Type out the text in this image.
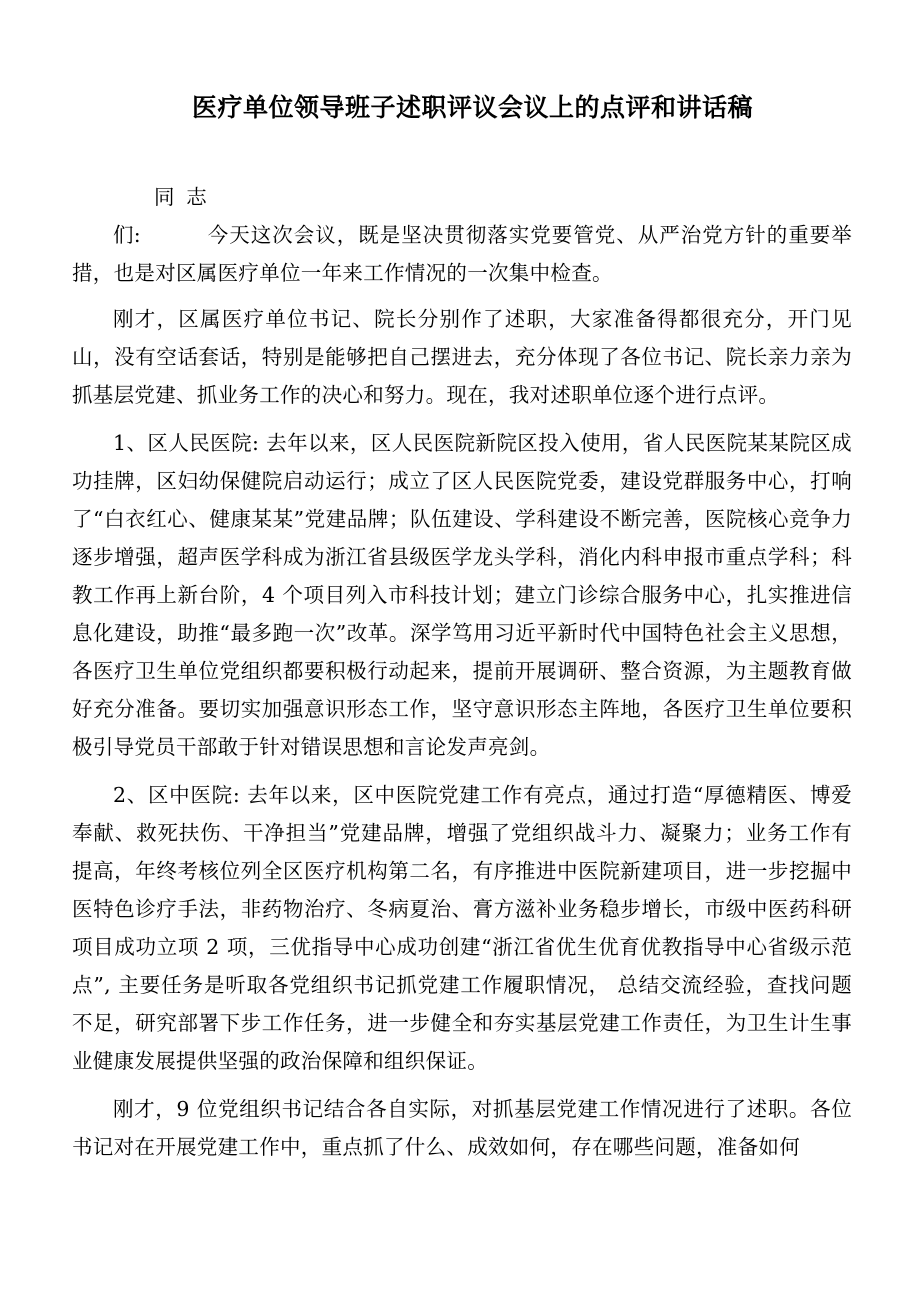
医疗单位领导班子述职评议会议上的点评和讲话稿

同志们:	今天这次会议，既是坚决贯彻落实党要管党、从严治党方针的重要举措，也是对区属医疗单位一年来工作情况的一次集中检查。

刚才，区属医疗单位书记、院长分别作了述职，大家准备得都很充分，开门见山，没有空话套话，特别是能够把自己摆进去，充分体现了各位书记、院长亲力亲为抓基层党建、抓业务工作的决心和努力。现在，我对述职单位逐个进行点评。

1、区人民医院: 去年以来，区人民医院新院区投入使用，省人民医院某某院区成功挂牌，区妇幼保健院启动运行；成立了区人民医院党委，建设党群服务中心，打响了“白衣红心、健康某某”党建品牌；队伍建设、学科建设不断完善，医院核心竞争力逐步增强，超声医学科成为浙江省县级医学龙头学科，消化内科申报市重点学科；科教工作再上新台阶，4 个项目列入市科技计划；建立门诊综合服务中心，扎实推进信息化建设，助推“最多跑一次”改革。深学笃用习近平新时代中国特色社会主义思想，各医疗卫生单位党组织都要积极行动起来，提前开展调研、整合资源，为主题教育做好充分准备。要切实加强意识形态工作，坚守意识形态主阵地，各医疗卫生单位要积极引导党员干部敢于针对错误思想和言论发声亮剑。

2、区中医院: 去年以来，区中医院党建工作有亮点，通过打造“厚德精医、博爱奉献、救死扶伤、干净担当”党建品牌，增强了党组织战斗力、凝聚力；业务工作有提高，年终考核位列全区医疗机构第二名，有序推进中医院新建项目，进一步挖掘中医特色诊疗手法，非药物治疗、冬病夏治、膏方滋补业务稳步增长，市级中医药科研项目成功立项 2 项，三优指导中心成功创建“浙江省优生优育优教指导中心省级示范点”, 主要任务是听取各党组织书记抓党建工作履职情况， 总结交流经验，查找问题不足，研究部署下步工作任务，进一步健全和夯实基层党建工作责任，为卫生计生事业健康发展提供坚强的政治保障和组织保证。

刚才，9 位党组织书记结合各自实际，对抓基层党建工作情况进行了述职。各位书记对在开展党建工作中，重点抓了什么、成效如何，存在哪些问题，准备如何
